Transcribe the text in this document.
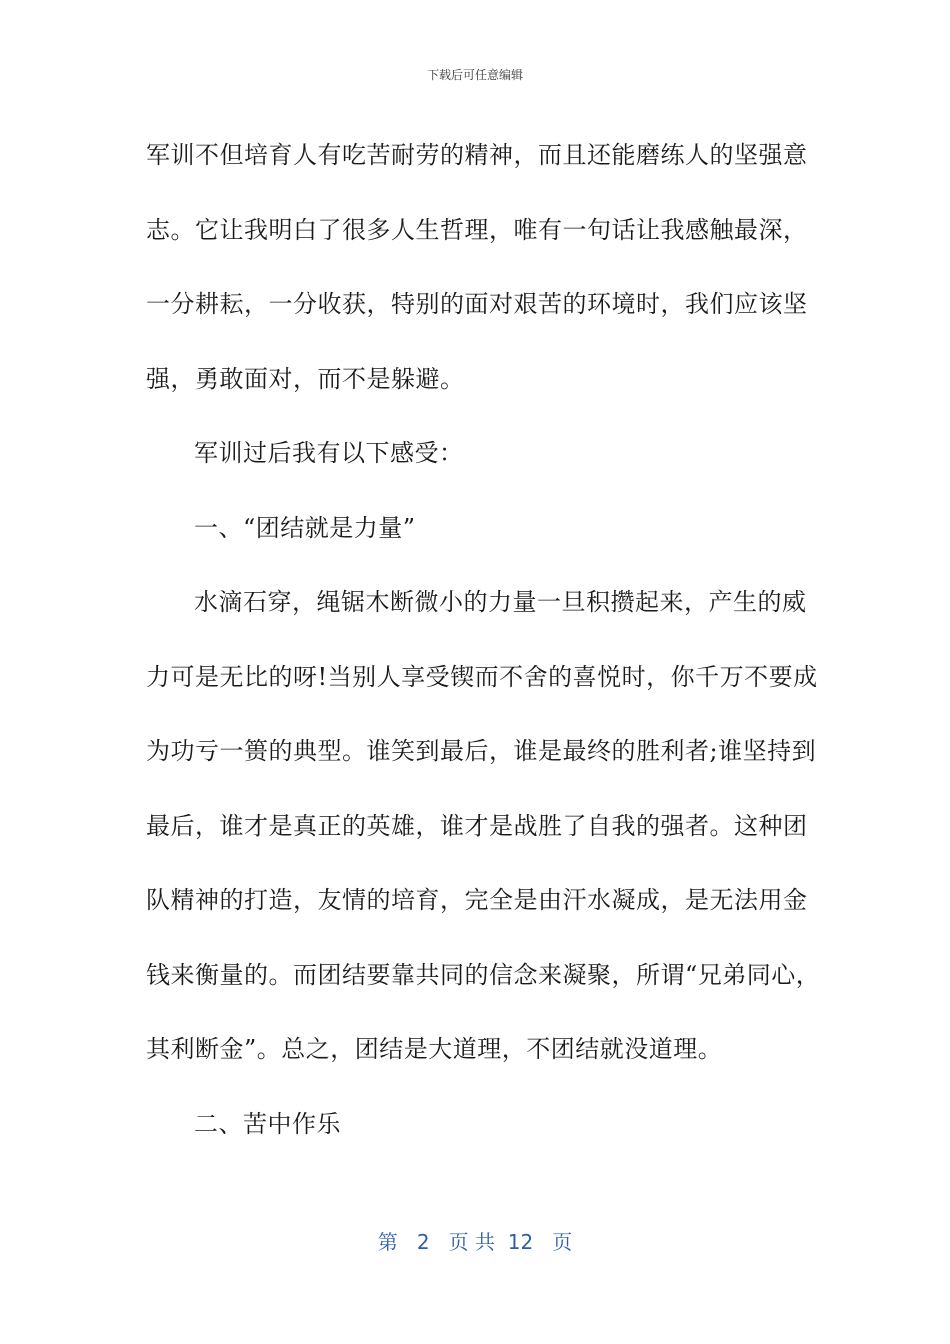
下载后可任意编辑
军训不但培育人有吃苦耐劳的精神，而且还能磨练人的坚强意
志。它让我明白了很多人生哲理，唯有一句话让我感触最深，
一分耕耘，一分收获，特别的面对艰苦的环境时，我们应该坚
强，勇敢面对，而不是躲避。
军训过后我有以下感受：
一、“团结就是力量”
水滴石穿，绳锯木断微小的力量一旦积攒起来，产生的威
力可是无比的呀!当别人享受锲而不舍的喜悦时，你千万不要成
为功亏一篑的典型。谁笑到最后，谁是最终的胜利者;谁坚持到
最后，谁才是真正的英雄，谁才是战胜了自我的强者。这种团
队精神的打造，友情的培育，完全是由汗水凝成，是无法用金
钱来衡量的。而团结要靠共同的信念来凝聚，所谓“兄弟同心，
其利断金”。总之，团结是大道理，不团结就没道理。
二、苦中作乐
第 2 页 共 12 页
